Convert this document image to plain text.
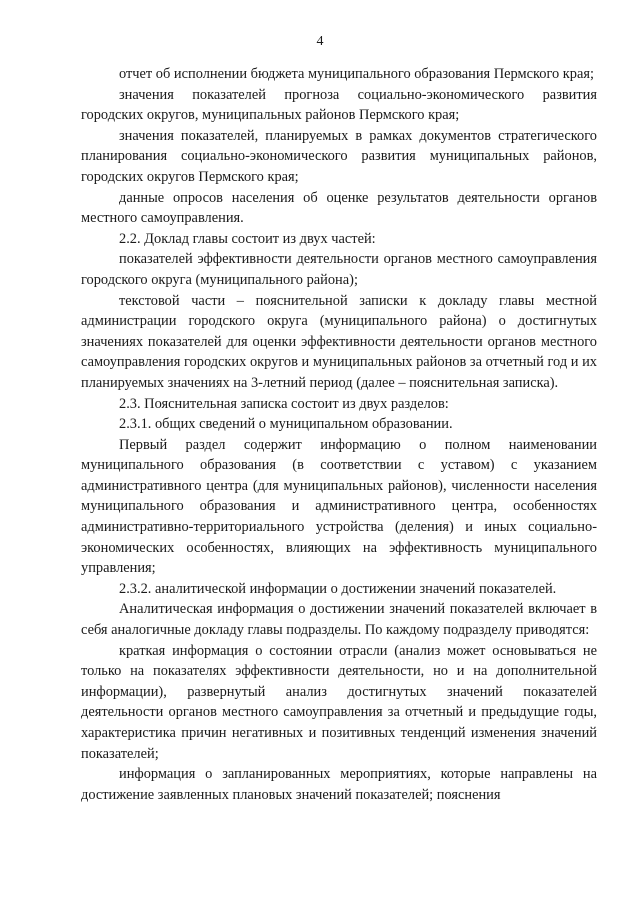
4

отчет об исполнении бюджета муниципального образования Пермского края;

значения показателей прогноза социально-экономического развития городских округов, муниципальных районов Пермского края;

значения показателей, планируемых в рамках документов стратегического планирования социально-экономического развития муниципальных районов, городских округов Пермского края;

данные опросов населения об оценке результатов деятельности органов местного самоуправления.

2.2. Доклад главы состоит из двух частей:

показателей эффективности деятельности органов местного самоуправления городского округа (муниципального района);

текстовой части – пояснительной записки к докладу главы местной администрации городского округа (муниципального района) о достигнутых значениях показателей для оценки эффективности деятельности органов местного самоуправления городских округов и муниципальных районов за отчетный год и их планируемых значениях на 3-летний период (далее – пояснительная записка).

2.3. Пояснительная записка состоит из двух разделов:

2.3.1. общих сведений о муниципальном образовании.

Первый раздел содержит информацию о полном наименовании муниципального образования (в соответствии с уставом) с указанием административного центра (для муниципальных районов), численности населения муниципального образования и административного центра, особенностях административно-территориального устройства (деления) и иных социально-экономических особенностях, влияющих на эффективность муниципального управления;

2.3.2. аналитической информации о достижении значений показателей.

Аналитическая информация о достижении значений показателей включает в себя аналогичные докладу главы подразделы. По каждому подразделу приводятся:

краткая информация о состоянии отрасли (анализ может основываться не только на показателях эффективности деятельности, но и на дополнительной информации), развернутый анализ достигнутых значений показателей деятельности органов местного самоуправления за отчетный и предыдущие годы, характеристика причин негативных и позитивных тенденций изменения значений показателей;

информация о запланированных мероприятиях, которые направлены на достижение заявленных плановых значений показателей; пояснения
